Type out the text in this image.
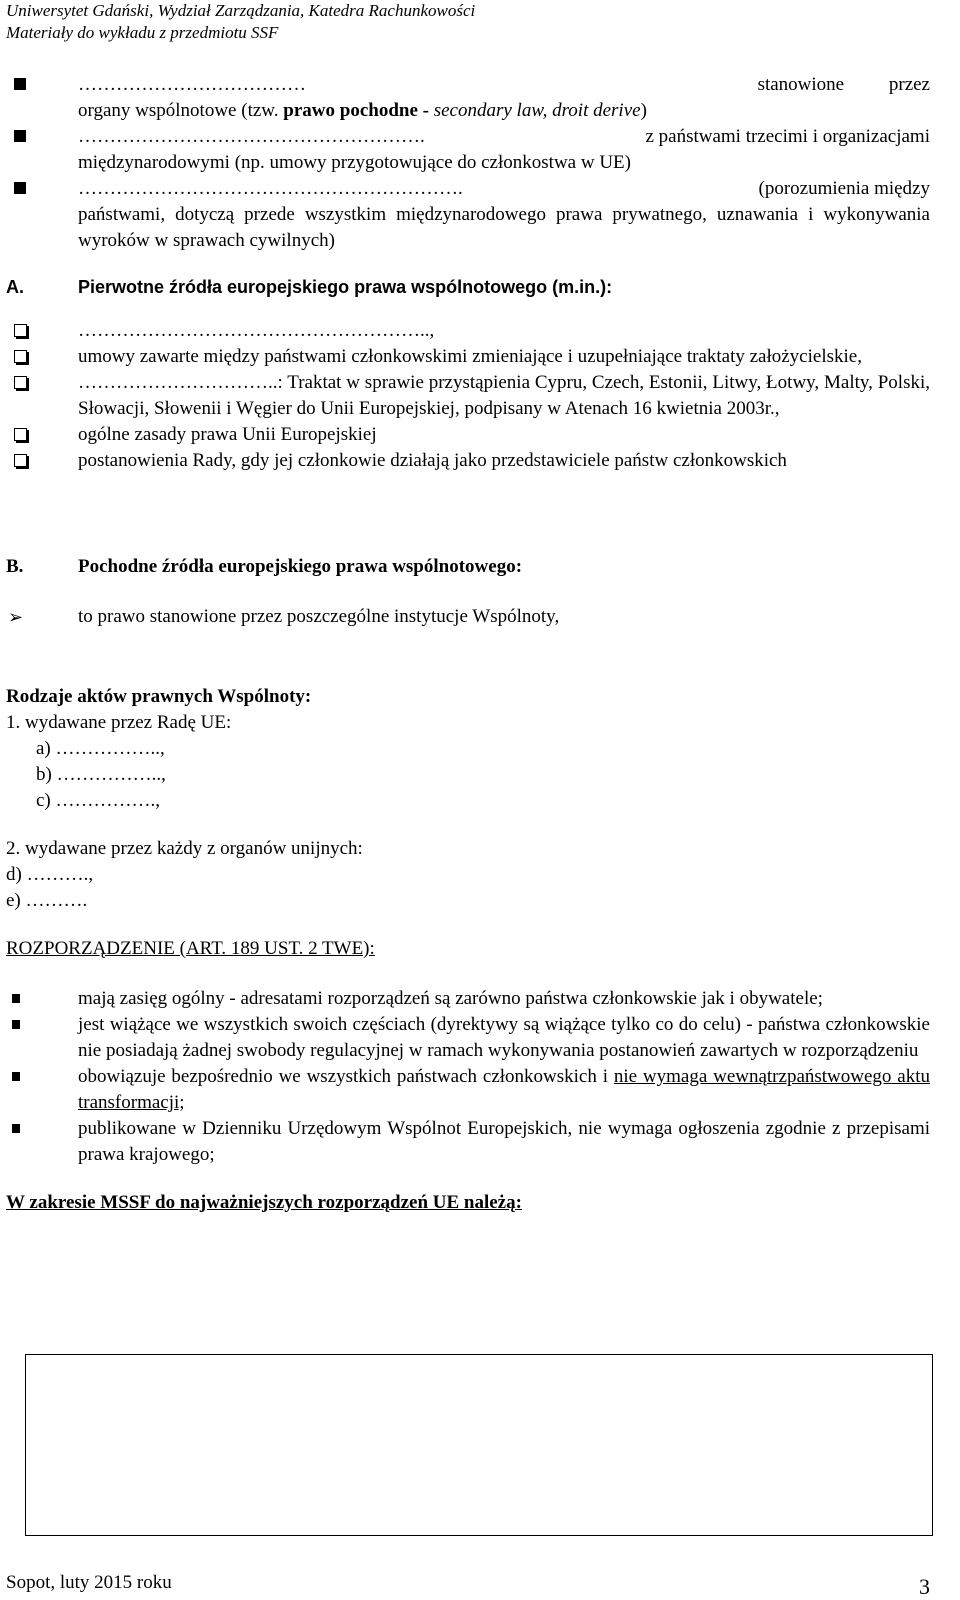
Uniwersytet Gdański, Wydział Zarządzania, Katedra Rachunkowości
Materiały do wykładu z przedmiotu SSF
………………………………	stanowione przez
organy wspólnotowe (tzw. prawo pochodne - secondary law, droit derive)
……………………………………………….	z państwami trzecimi i organizacjami
międzynarodowymi (np. umowy przygotowujące do członkostwa w UE)
…………………………………………………….	(porozumienia między
państwami, dotyczą przede wszystkim międzynarodowego prawa prywatnego, uznawania i wykonywania wyroków w sprawach cywilnych)
A.	Pierwotne źródła europejskiego prawa wspólnotowego (m.in.):
………………………………………………..,
umowy zawarte między państwami członkowskimi zmieniające i uzupełniające traktaty założycielskie,
…………………………..: Traktat w sprawie przystąpienia Cypru, Czech, Estonii, Litwy, Łotwy, Malty, Polski, Słowacji, Słowenii i Węgier do Unii Europejskiej, podpisany w Atenach 16 kwietnia 2003r.,
ogólne zasady prawa Unii Europejskiej
postanowienia Rady, gdy jej członkowie działają jako przedstawiciele państw członkowskich
B.	Pochodne źródła europejskiego prawa wspólnotowego:
➢	to prawo stanowione przez poszczególne instytucje Wspólnoty,
Rodzaje aktów prawnych Wspólnoty:
1. wydawane przez Radę UE:
a) ……………..,
b) ……………..,
c) …………….,
2. wydawane przez każdy z organów unijnych:
d) ……….,
e) ……….
ROZPORZĄDZENIE (ART. 189 UST. 2 TWE):
mają zasięg ogólny - adresatami rozporządzeń są zarówno państwa członkowskie jak i obywatele;
jest wiążące we wszystkich swoich częściach (dyrektywy są wiążące tylko co do celu) - państwa członkowskie nie posiadają żadnej swobody regulacyjnej w ramach wykonywania postanowień zawartych w rozporządzeniu
obowiązuje bezpośrednio we wszystkich państwach członkowskich i nie wymaga wewnątrzpaństwowego aktu transformacji;
publikowane w Dzienniku Urzędowym Wspólnot Europejskich, nie wymaga ogłoszenia zgodnie z przepisami prawa krajowego;
W zakresie MSSF do najważniejszych rozporządzeń UE należą:
Sopot, luty 2015 roku	3
